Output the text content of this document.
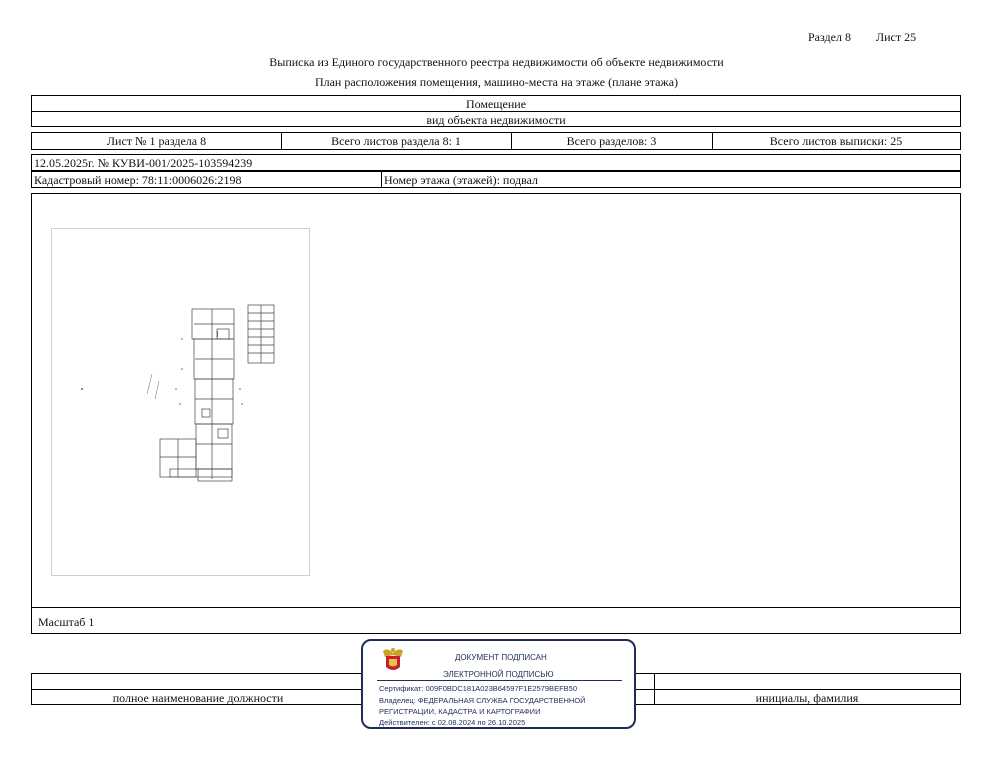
Раздел 8 Лист 25
Выписка из Единого государственного реестра недвижимости об объекте недвижимости
План расположения помещения, машино-места на этаже (плане этажа)
Помещение
вид объекта недвижимости
Лист № 1 раздела 8	Всего листов раздела 8: 1	Всего разделов: 3	Всего листов выписки: 25
12.05.2025г. № КУВИ-001/2025-103594239
Кадастровый номер: 78:11:0006026:2198	Номер этажа (этажей): подвал
Масштаб 1
полное наименование должности	инициалы, фамилия
ДОКУМЕНТ ПОДПИСАН
ЭЛЕКТРОННОЙ ПОДПИСЬЮ
Сертификат: 009F0BDC181A023B64597F1E2579BEFB50
Владелец: ФЕДЕРАЛЬНАЯ СЛУЖБА ГОСУДАРСТВЕННОЙ
РЕГИСТРАЦИИ, КАДАСТРА И КАРТОГРАФИИ
Действителен: с 02.08.2024 по 26.10.2025
